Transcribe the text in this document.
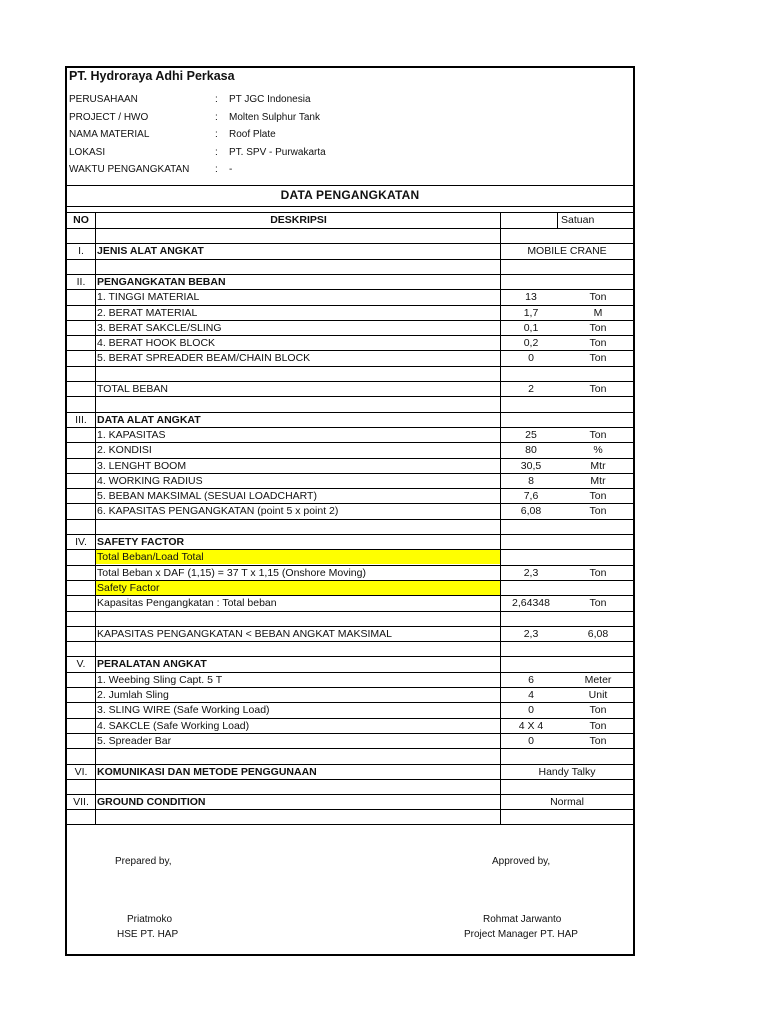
PT. Hydroraya Adhi Perkasa
PERUSAHAAN	: PT JGC Indonesia
PROJECT / HWO	: Molten Sulphur Tank
NAMA MATERIAL	: Roof Plate
LOKASI	: PT. SPV - Purwakarta
WAKTU PENGANGKATAN	: -
DATA PENGANGKATAN
NO	DESKRIPSI	Satuan
I.	JENIS ALAT ANGKAT	MOBILE CRANE
II.	PENGANGKATAN BEBAN
1. TINGGI MATERIAL	13	Ton
2. BERAT MATERIAL	1,7	M
3. BERAT SAKCLE/SLING	0,1	Ton
4. BERAT HOOK BLOCK	0,2	Ton
5. BERAT SPREADER BEAM/CHAIN BLOCK	0	Ton
TOTAL BEBAN	2	Ton
III. DATA ALAT ANGKAT
1. KAPASITAS	25	Ton
2. KONDISI	80	%
3. LENGHT BOOM	30,5	Mtr
4. WORKING RADIUS	8	Mtr
5. BEBAN MAKSIMAL (SESUAI LOADCHART)	7,6	Ton
6. KAPASITAS PENGANGKATAN (point 5 x point 2)	6,08	Ton
IV. SAFETY FACTOR
Total Beban/Load Total
Total Beban x DAF (1,15) = 37 T x 1,15 (Onshore Moving)	2,3	Ton
Safety Factor
Kapasitas Pengangkatan : Total beban	2,64348	Ton
KAPASITAS PENGANGKATAN < BEBAN ANGKAT MAKSIMAL	2,3	6,08
V.	PERALATAN ANGKAT
1. Weebing Sling Capt. 5 T	6	Meter
2. Jumlah Sling	4	Unit
3. SLING WIRE (Safe Working Load)	0	Ton
4. SAKCLE (Safe Working Load)	4 X 4	Ton
5. Spreader Bar	0	Ton
VI. KOMUNIKASI DAN METODE PENGGUNAAN	Handy Talky
VII. GROUND CONDITION	Normal
Prepared by,	Approved by,
Priatmoko
HSE PT. HAP
Rohmat Jarwanto
Project Manager PT. HAP
